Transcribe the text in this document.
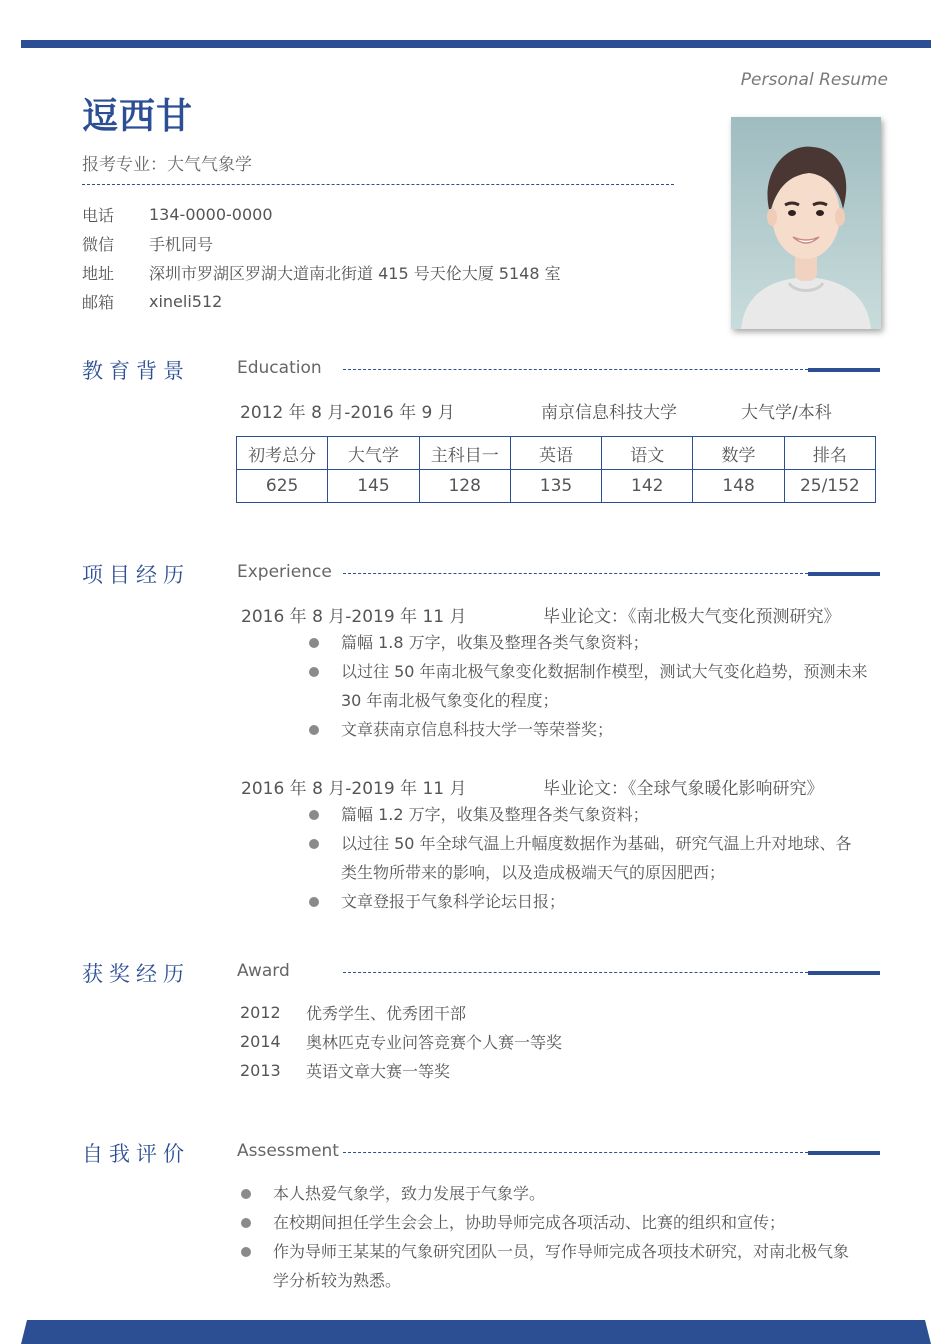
Personal Resume
逗西甘
报考专业：大气气象学
电话	134-0000-0000
微信	手机同号
地址	深圳市罗湖区罗湖大道南北街道 415 号天伦大厦 5148 室
邮箱	xineli512
教育背景	Education
2012 年 8 月-2016 年 9 月	南京信息科技大学	大气学/本科
初考总分	大气学	主科目一	英语	语文	数学	排名
625	145	128	135	142	148	25/152
项目经历	Experience
2016 年 8 月-2019 年 11 月	毕业论文：《南北极大气变化预测研究》
篇幅 1.8 万字，收集及整理各类气象资料；
以过往 50 年南北极气象变化数据制作模型，测试大气变化趋势，预测未来 30 年南北极气象变化的程度；
文章获南京信息科技大学一等荣誉奖；
2016 年 8 月-2019 年 11 月	毕业论文：《全球气象暖化影响研究》
篇幅 1.2 万字，收集及整理各类气象资料；
以过往 50 年全球气温上升幅度数据作为基础，研究气温上升对地球、各类生物所带来的影响，以及造成极端天气的原因肥西；
文章登报于气象科学论坛日报；
获奖经历	Award
2012	优秀学生、优秀团干部
2014	奥林匹克专业问答竞赛个人赛一等奖
2013	英语文章大赛一等奖
自我评价	Assessment
本人热爱气象学，致力发展于气象学。
在校期间担任学生会会上，协助导师完成各项活动、比赛的组织和宣传；
作为导师王某某的气象研究团队一员，写作导师完成各项技术研究，对南北极气象学分析较为熟悉。
